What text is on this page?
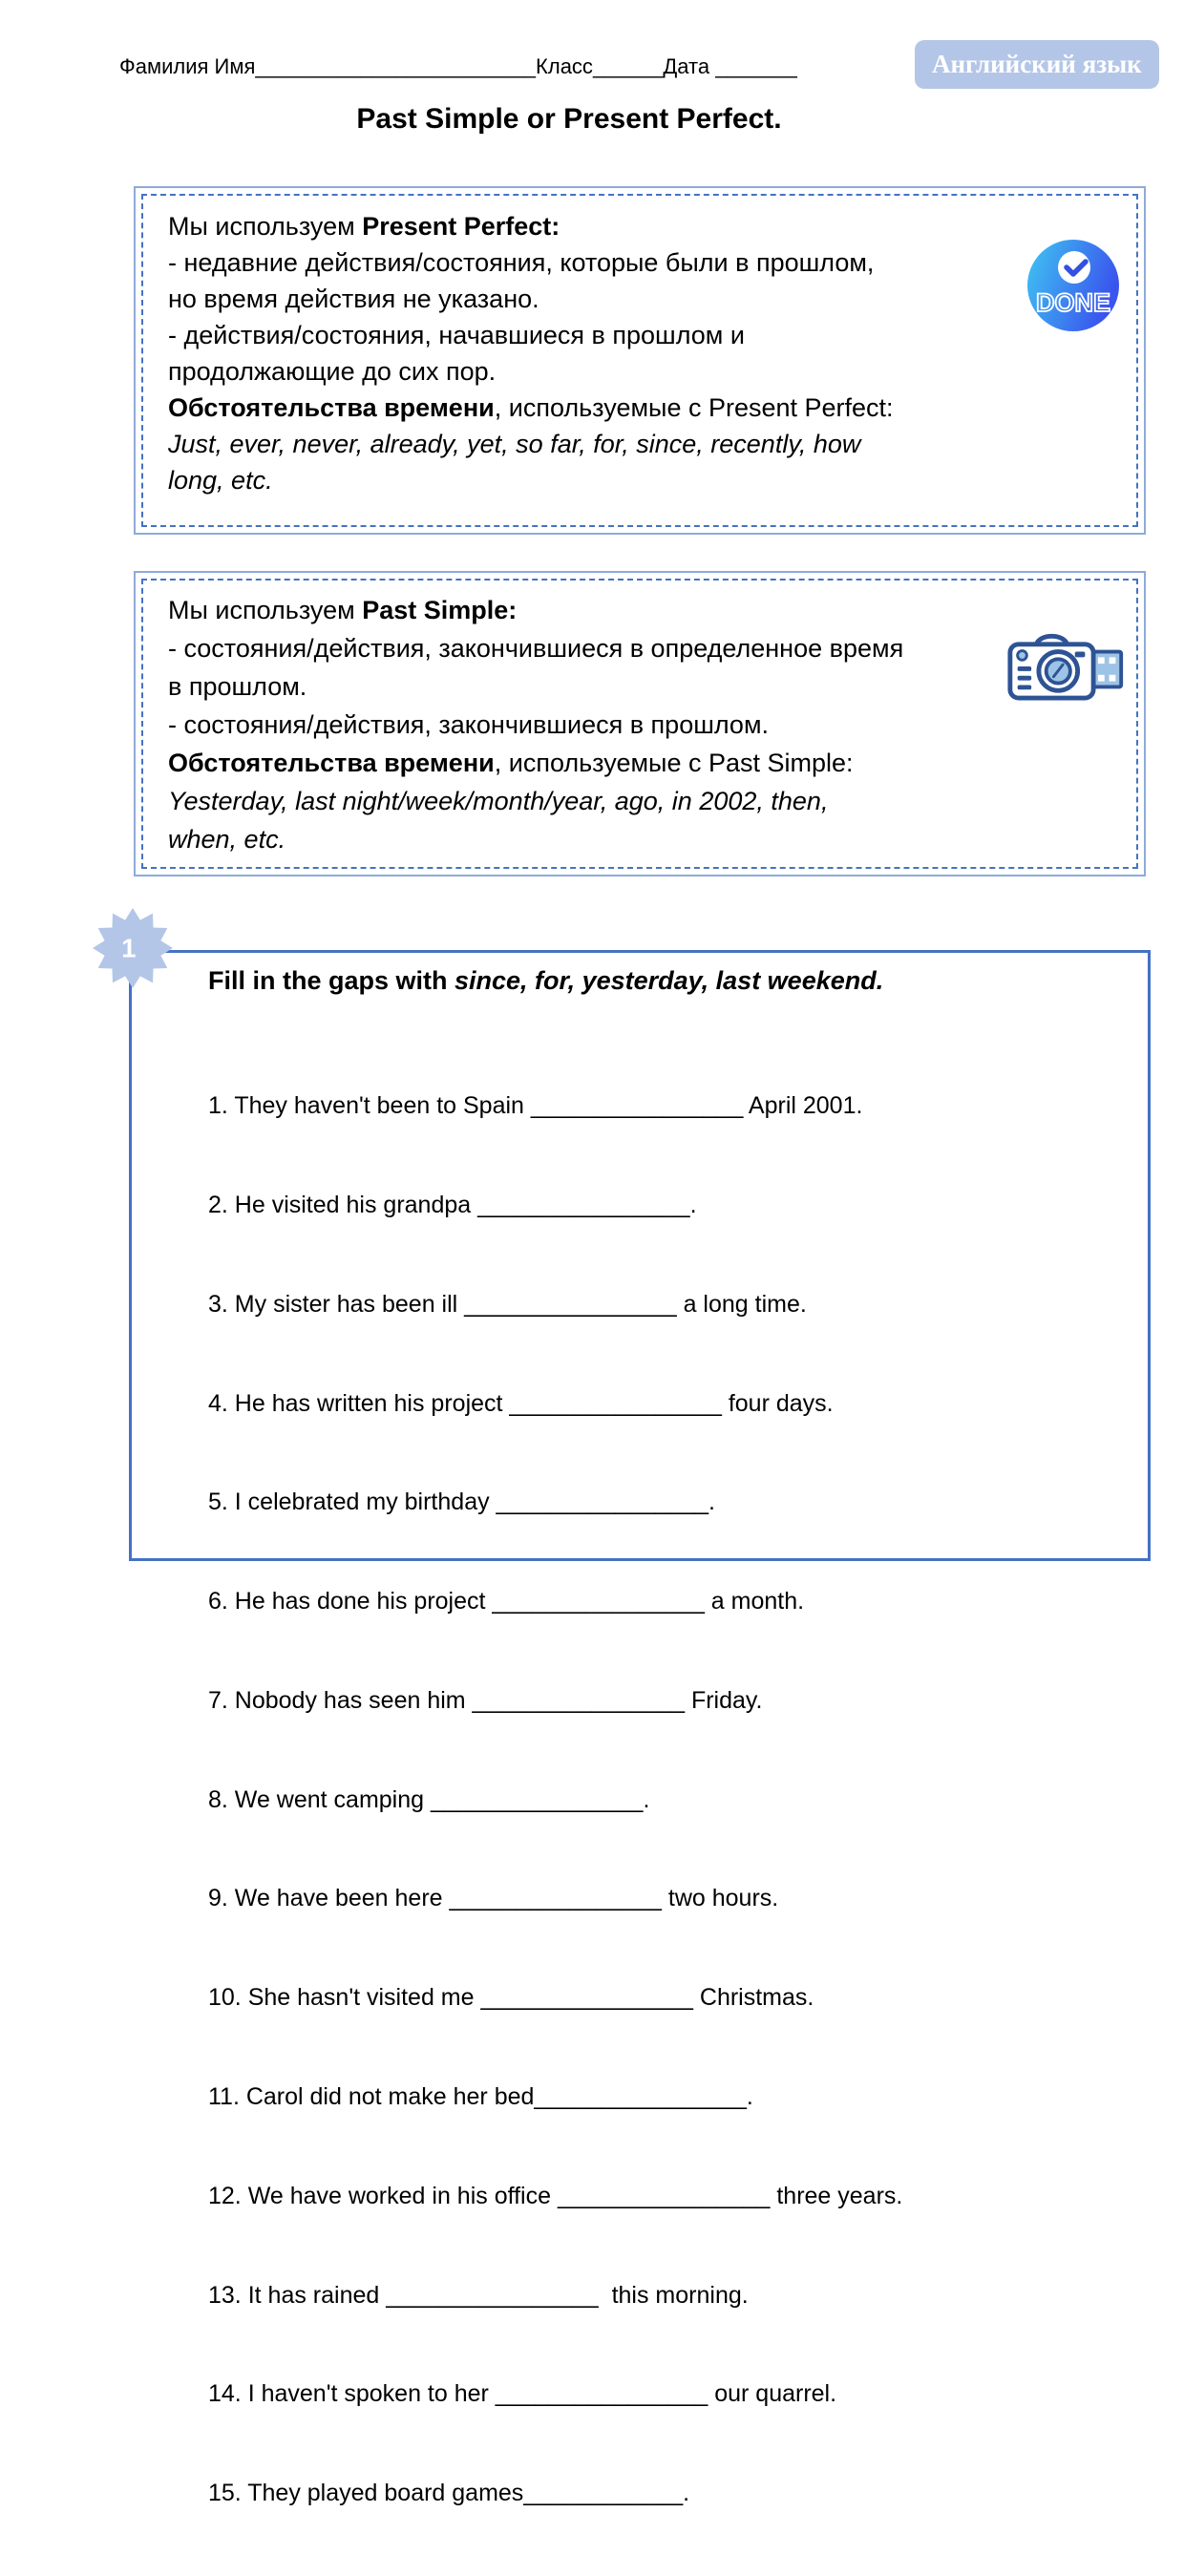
Фамилия Имя________________________Класс______Дата _______	Английский язык
Past Simple or Present Perfect.
Мы используем Present Perfect:
- недавние действия/состояния, которые были в прошлом,
но время действия не указано.
- действия/состояния, начавшиеся в прошлом и
продолжающие до сих пор.
Обстоятельства времени, используемые с Present Perfect:
Just, ever, never, already, yet, so far, for, since, recently, how
long, etc.
DONE
Мы используем Past Simple:
- состояния/действия, закончившиеся в определенное время
в прошлом.
- состояния/действия, закончившиеся в прошлом.
Обстоятельства времени, используемые с Past Simple:
Yesterday, last night/week/month/year, ago, in 2002, then,
when, etc.
1
Fill in the gaps with since, for, yesterday, last weekend.

1. They haven't been to Spain ________________ April 2001.

2. He visited his grandpa ________________.

3. My sister has been ill ________________ a long time.

4. He has written his project ________________ four days.

5. I celebrated my birthday ________________.

6. He has done his project ________________ a month.

7. Nobody has seen him ________________ Friday.

8. We went camping ________________.

9. We have been here ________________ two hours.

10. She hasn't visited me ________________ Christmas.

11. Carol did not make her bed________________.

12. We have worked in his office ________________ three years.

13. It has rained ________________  this morning.

14. I haven't spoken to her ________________ our quarrel.

15. They played board games____________.
